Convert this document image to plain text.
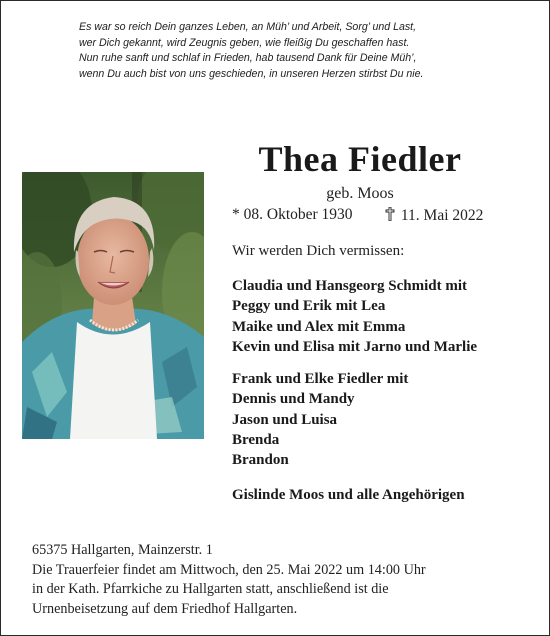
Es war so reich Dein ganzes Leben, an Müh’ und Arbeit, Sorg’ und Last,
wer Dich gekannt, wird Zeugnis geben, wie fleißig Du geschaffen hast.
Nun ruhe sanft und schlaf in Frieden, hab tausend Dank für Deine Müh’,
wenn Du auch bist von uns geschieden, in unseren Herzen stirbst Du nie.
Thea Fiedler
geb. Moos
* 08. Oktober 1930	11. Mai 2022
Wir werden Dich vermissen:
Claudia und Hansgeorg Schmidt mit
Peggy und Erik mit Lea
Maike und Alex mit Emma
Kevin und Elisa mit Jarno und Marlie
Frank und Elke Fiedler mit
Dennis und Mandy
Jason und Luisa
Brenda
Brandon
Gislinde Moos und alle Angehörigen
65375 Hallgarten, Mainzerstr. 1
Die Trauerfeier findet am Mittwoch, den 25. Mai 2022 um 14:00 Uhr
in der Kath. Pfarrkiche zu Hallgarten statt, anschließend ist die
Urnenbeisetzung auf dem Friedhof Hallgarten.
